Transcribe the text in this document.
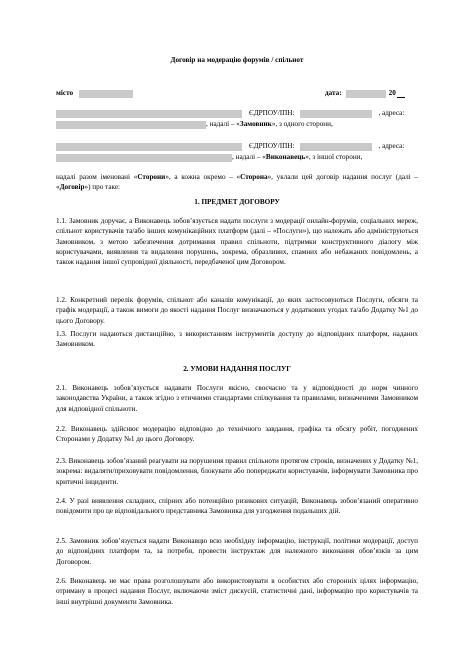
Договір на модерацію форумів / спільнот
місто	дата:	20
ЄДРПОУ/ІПН:	, адреса:
, надалі – « Замовник », з одного сторони,
ЄДРПОУ/ІПН:	, адреса:
, надалі – « Виконавець », з іншої сторони,
надалі разом іменовані «Сторони», а кожна окремо – «Сторона», уклали цей договір надання послуг (далі – «Договір») про таке:
1. ПРЕДМЕТ ДОГОВОРУ
1.1. Замовник доручає, а Виконавець зобов’язується надати послуги з модерації онлайн-форумів, соціальних мереж, спільнот користувачів та/або інших комунікаційних платформ (далі – «Послуги»), що належать або адмініструються Замовником, з метою забезпечення дотримання правил спільноти, підтримки конструктивного діалогу між користувачами, виявлення та видалення порушень, зокрема, образливих, спамних або небажаних повідомлень, а також надання іншої супровідної діяльності, передбаченої цим Договором.
1.2. Конкретний перелік форумів, спільнот або каналів комунікації, до яких застосовуються Послуги, обсяги та графік модерації, а також вимоги до якості надання Послуг визначаються у додаткових угодах та/або Додатку №1 до цього Договору.
1.3. Послуги надаються дистанційно, з використанням інструментів доступу до відповідних платформ, наданих Замовником.
2. УМОВИ НАДАННЯ ПОСЛУГ
2.1. Виконавець зобов’язується надавати Послуги якісно, своєчасно та у відповідності до норм чинного законодавства України, а також згідно з етичними стандартами спілкування та правилами, визначеними Замовником для відповідної спільноти.
2.2. Виконавець здійснює модерацію відповідно до технічного завдання, графіка та обсягу робіт, погоджених Сторонами у Додатку №1 до цього Договору.
2.3. Виконавець зобов’язаний реагувати на порушення правил спільноти протягом строків, визначених у Додатку №1, зокрема: видаляти/приховувати повідомлення, блокувати або попереджати користувачів, інформувати Замовника про критичні інциденти.
2.4. У разі виявлення складних, спірних або потенційно ризикових ситуацій, Виконавець зобов’язаний оперативно повідомити про це відповідального представника Замовника для узгодження подальших дій.
2.5. Замовник зобов’язується надати Виконавцю всю необхідну інформацію, інструкції, політики модерації, доступ до відповідних платформ та, за потреби, провести інструктаж для належного виконання обов’язків за цим Договором.
2.6. Виконавець не має права розголошувати або використовувати в особистих або сторонніх цілях інформацію, отриману в процесі надання Послуг, включаючи зміст дискусій, статистичні дані, інформацію про користувачів та інші внутрішні документи Замовника.
